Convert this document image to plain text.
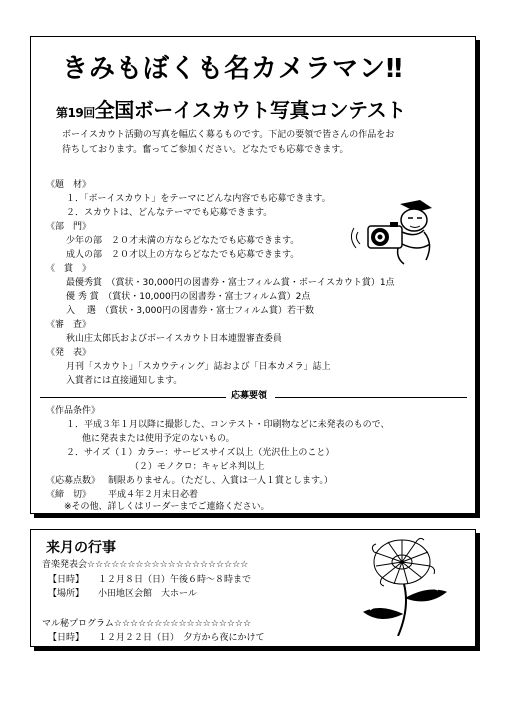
きみもぼくも名カメラマン‼
第19回全国ボーイスカウト写真コンテスト
ボーイスカウト活動の写真を幅広く募るものです。下記の要領で皆さんの作品をお
待ちしております。奮ってご参加ください。どなたでも応募できます。
《題　材》
１．「ボーイスカウト」をテーマにどんな内容でも応募できます。
２．スカウトは、どんなテーマでも応募できます。
《部　門》
少年の部　２０才未満の方ならどなたでも応募できます。
成人の部　２０才以上の方ならどなたでも応募できます。
《　賞　》
最優秀賞　（賞状・30,000円の図書券・富士フィルム賞・ボーイスカウト賞）1点
優 秀 賞　（賞状・10,000円の図書券・富士フィルム賞）2点
入　 選　（賞状・3,000円の図書券・富士フィルム賞）若干数
《審　査》
秋山庄太郎氏およびボーイスカウト日本連盟審査委員
《発　表》
月刊「スカウト」「スカウティング」誌および「日本カメラ」誌上
入賞者には直接通知します。
応募要領
《作品条件》
１．平成３年１月以降に撮影した、コンテスト・印刷物などに未発表のもので、
他に発表または使用予定のないもの。
２．サイズ（１）カラー：サービスサイズ以上（光沢仕上のこと）
（２）モノクロ：キャビネ判以上
《応募点数》 制限ありません。（ただし、入賞は一人１賞とします。）
《締　切》 平成４年２月末日必着
※その他、詳しくはリーダーまでご連絡ください。
来月の行事
音楽発表会☆☆☆☆☆☆☆☆☆☆☆☆☆☆☆☆☆☆☆☆
【日時】 １２月８日（日）午後６時～８時まで
【場所】 小田地区会館　大ホール
マル秘プログラム☆☆☆☆☆☆☆☆☆☆☆☆☆☆☆☆☆
【日時】 １２月２２日（日）　夕方から夜にかけて
